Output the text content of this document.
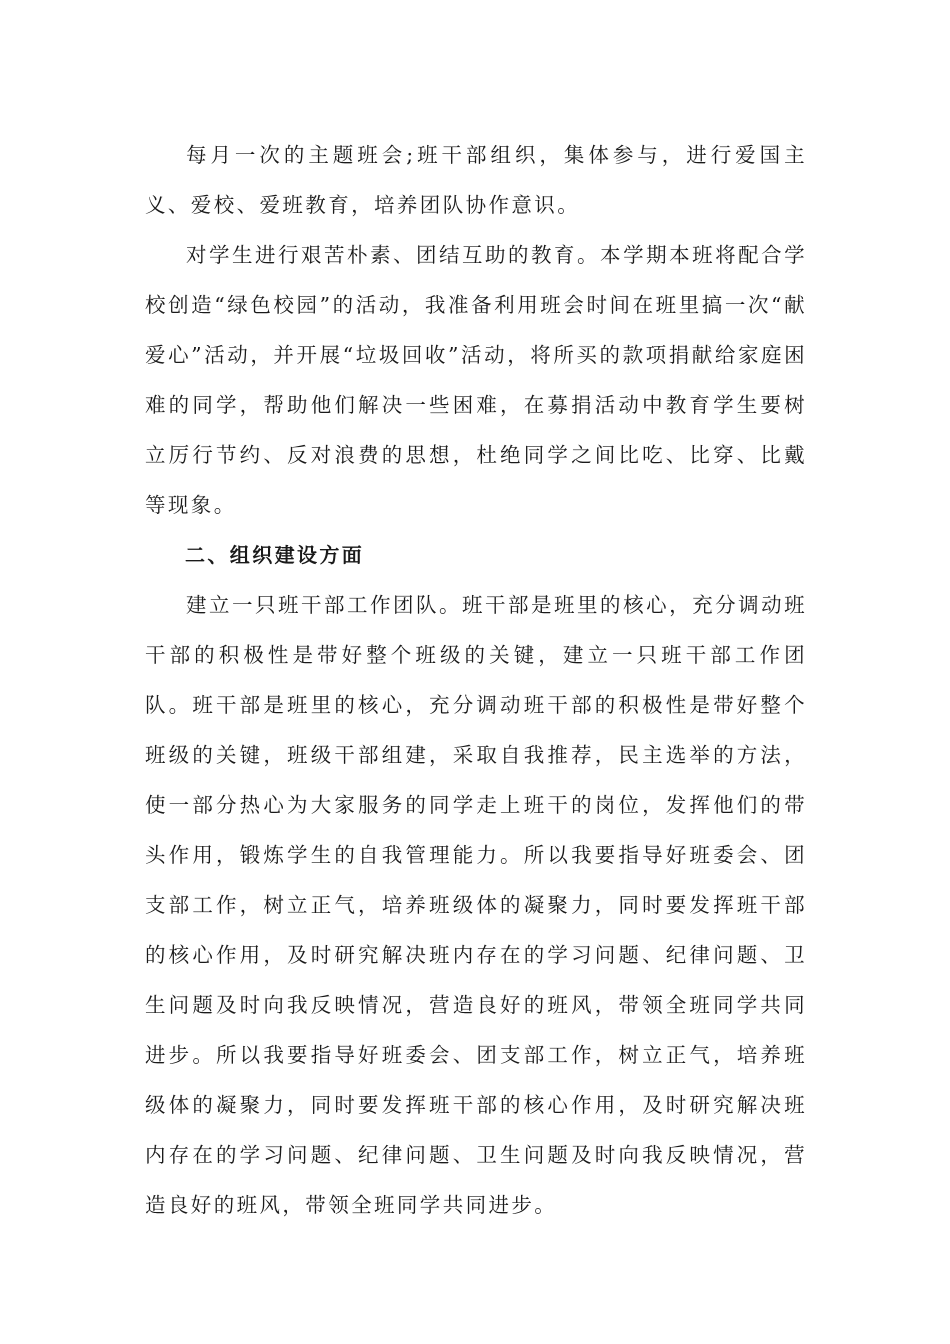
每月一次的主题班会;班干部组织，集体参与，进行爱国主义、爱校、爱班教育，培养团队协作意识。

对学生进行艰苦朴素、团结互助的教育。本学期本班将配合学校创造“绿色校园”的活动，我准备利用班会时间在班里搞一次“献爱心”活动，并开展“垃圾回收”活动，将所买的款项捐献给家庭困难的同学，帮助他们解决一些困难，在募捐活动中教育学生要树立厉行节约、反对浪费的思想，杜绝同学之间比吃、比穿、比戴等现象。

二、组织建设方面

建立一只班干部工作团队。班干部是班里的核心，充分调动班干部的积极性是带好整个班级的关键，建立一只班干部工作团队。班干部是班里的核心，充分调动班干部的积极性是带好整个班级的关键，班级干部组建，采取自我推荐，民主选举的方法，使一部分热心为大家服务的同学走上班干的岗位，发挥他们的带头作用，锻炼学生的自我管理能力。所以我要指导好班委会、团支部工作，树立正气，培养班级体的凝聚力，同时要发挥班干部的核心作用，及时研究解决班内存在的学习问题、纪律问题、卫生问题及时向我反映情况，营造良好的班风，带领全班同学共同进步。所以我要指导好班委会、团支部工作，树立正气，培养班级体的凝聚力，同时要发挥班干部的核心作用，及时研究解决班内存在的学习问题、纪律问题、卫生问题及时向我反映情况，营造良好的班风，带领全班同学共同进步。
